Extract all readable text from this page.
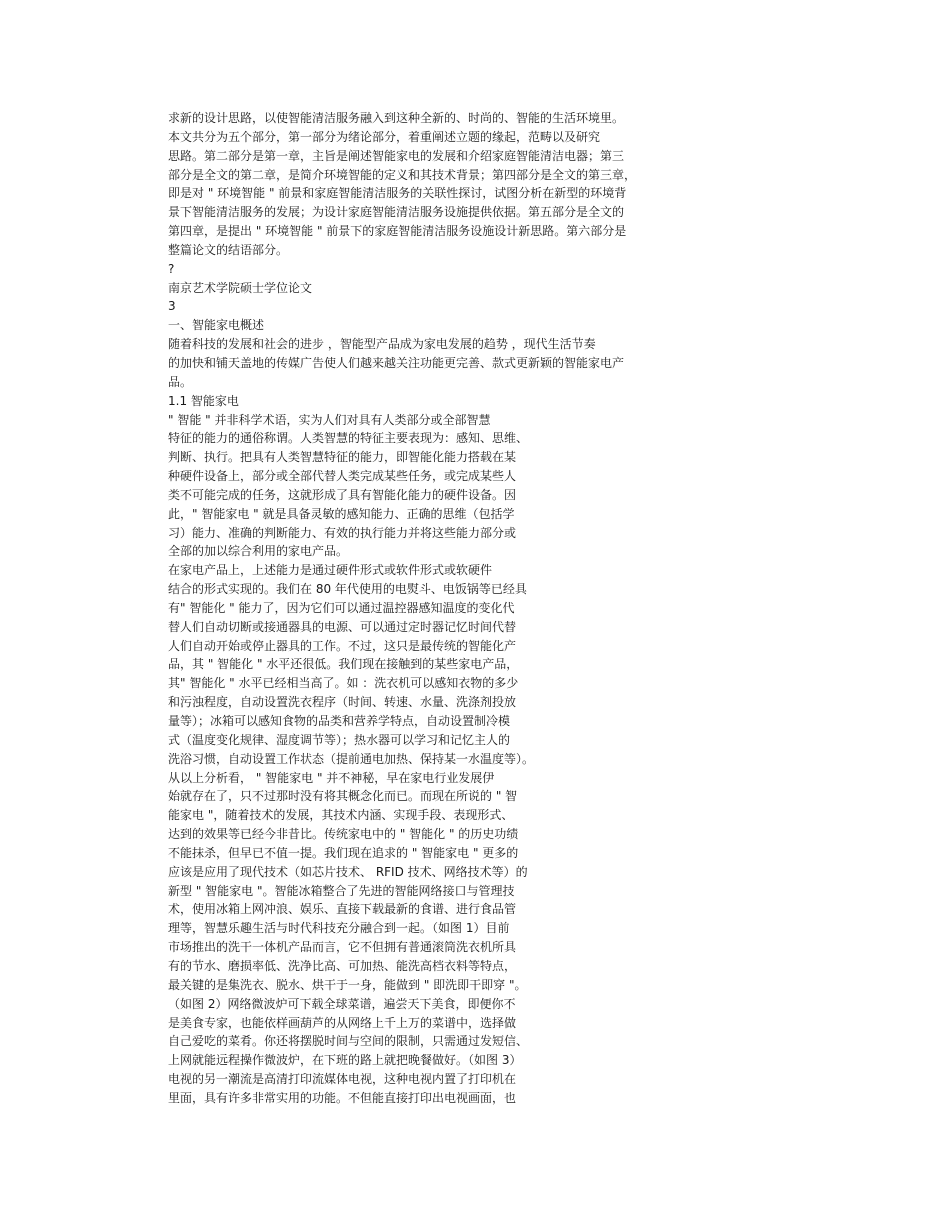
求新的设计思路，以使智能清洁服务融入到这种全新的、时尚的、智能的生活环境里。
本文共分为五个部分，第一部分为绪论部分，着重阐述立题的缘起，范畴以及研究
思路。第二部分是第一章，主旨是阐述智能家电的发展和介绍家庭智能清洁电器；第三
部分是全文的第二章，是简介环境智能的定义和其技术背景；第四部分是全文的第三章，
即是对 " 环境智能 " 前景和家庭智能清洁服务的关联性探讨，试图分析在新型的环境背
景下智能清洁服务的发展；为设计家庭智能清洁服务设施提供依据。第五部分是全文的
第四章，是提出 " 环境智能 " 前景下的家庭智能清洁服务设施设计新思路。第六部分是
整篇论文的结语部分。
?
南京艺术学院硕士学位论文
3
一、智能家电概述
随着科技的发展和社会的进步 ，智能型产品成为家电发展的趋势 ，现代生活节奏
的加快和铺天盖地的传媒广告使人们越来越关注功能更完善、款式更新颖的智能家电产
品。
1.1 智能家电
" 智能 " 并非科学术语，实为人们对具有人类部分或全部智慧
特征的能力的通俗称谓。人类智慧的特征主要表现为：感知、思维、
判断、执行。把具有人类智慧特征的能力，即智能化能力搭载在某
种硬件设备上，部分或全部代替人类完成某些任务，或完成某些人
类不可能完成的任务，这就形成了具有智能化能力的硬件设备。因
此，" 智能家电 " 就是具备灵敏的感知能力、正确的思维（包括学
习）能力、准确的判断能力、有效的执行能力并将这些能力部分或
全部的加以综合利用的家电产品。
在家电产品上，上述能力是通过硬件形式或软件形式或软硬件
结合的形式实现的。我们在 80 年代使用的电熨斗、电饭锅等已经具
有" 智能化 " 能力了，因为它们可以通过温控器感知温度的变化代
替人们自动切断或接通器具的电源、可以通过定时器记忆时间代替
人们自动开始或停止器具的工作。不过，这只是最传统的智能化产
品，其 " 智能化 " 水平还很低。我们现在接触到的某些家电产品，
其" 智能化 " 水平已经相当高了。如 ：洗衣机可以感知衣物的多少
和污浊程度，自动设置洗衣程序（时间、转速、水量、洗涤剂投放
量等）；冰箱可以感知食物的品类和营养学特点，自动设置制冷模
式（温度变化规律、湿度调节等）；热水器可以学习和记忆主人的
洗浴习惯，自动设置工作状态（提前通电加热、保持某一水温度等）。
从以上分析看， " 智能家电 " 并不神秘，早在家电行业发展伊
始就存在了，只不过那时没有将其概念化而已。而现在所说的 " 智
能家电 "，随着技术的发展，其技术内涵、实现手段、表现形式、
达到的效果等已经今非昔比。传统家电中的 " 智能化 " 的历史功绩
不能抹杀，但早已不值一提。我们现在追求的 " 智能家电 " 更多的
应该是应用了现代技术（如芯片技术、 RFID 技术、网络技术等）的
新型 " 智能家电 "。智能冰箱整合了先进的智能网络接口与管理技
术，使用冰箱上网冲浪、娱乐、直接下载最新的食谱、进行食品管
理等，智慧乐趣生活与时代科技充分融合到一起。（如图 1）目前
市场推出的洗干一体机产品而言，它不但拥有普通滚筒洗衣机所具
有的节水、磨损率低、洗净比高、可加热、能洗高档衣料等特点，
最关键的是集洗衣、脱水、烘干于一身，能做到 " 即洗即干即穿 "。
（如图 2）网络微波炉可下载全球菜谱，遍尝天下美食，即便你不
是美食专家，也能依样画葫芦的从网络上千上万的菜谱中，选择做
自己爱吃的菜肴。你还将摆脱时间与空间的限制，只需通过发短信、
上网就能远程操作微波炉，在下班的路上就把晚餐做好。（如图 3）
电视的另一潮流是高清打印流媒体电视，这种电视内置了打印机在
里面，具有许多非常实用的功能。不但能直接打印出电视画面，也
